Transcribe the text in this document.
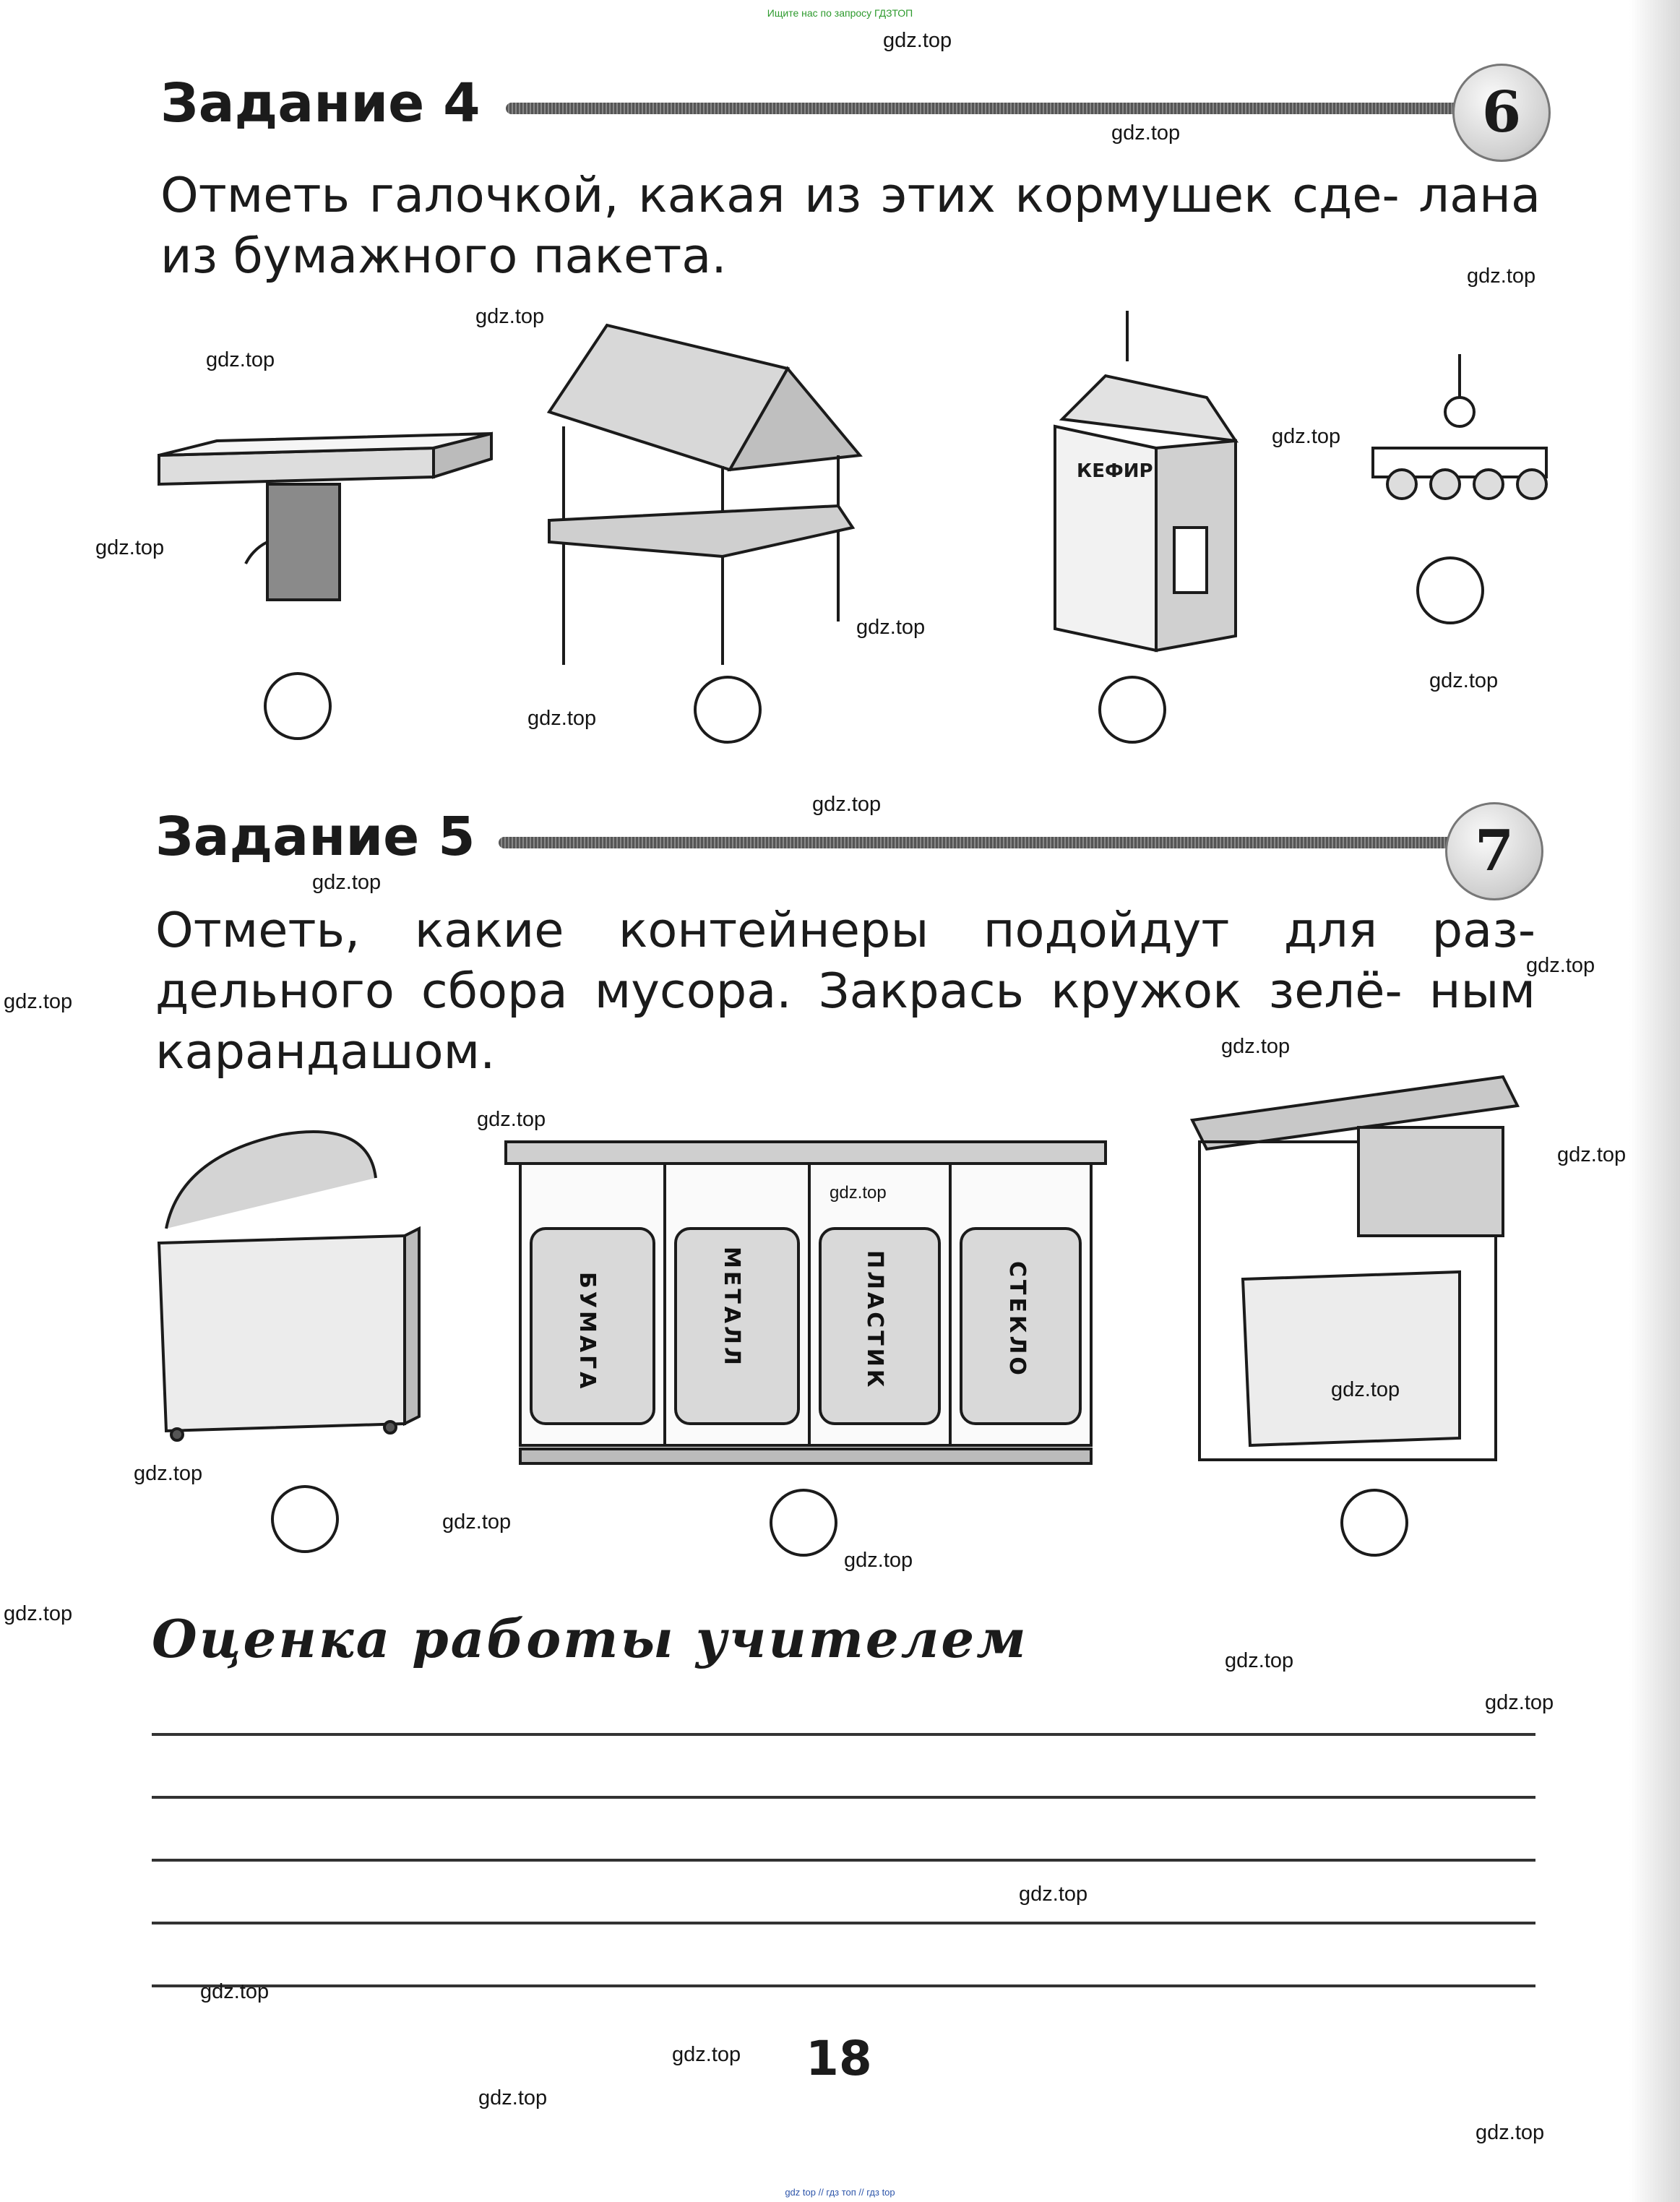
Ищите нас по запросу ГДЗТОП
Задание 4	6
Отметь галочкой, какая из этих кормушек сде- лана из бумажного пакета.
КЕФИР
Задание 5	7
Отметь, какие контейнеры подойдут для раз- дельного сбора мусора. Закрась кружок зелё- ным карандашом.
БУМАГА	МЕТАЛЛ	ПЛАСТИК	СТЕКЛО
Оценка работы учителем
18
gdz.top
gdz.top
gdz.top
gdz.top
gdz.top
gdz.top
gdz.top
gdz.top
gdz.top
gdz.top
gdz.top
gdz.top
gdz.top
gdz.top
gdz.top
gdz.top
gdz.top
gdz.top
gdz.top
gdz.top
gdz.top
gdz.top
gdz.top
gdz.top
gdz.top
gdz.top
gdz.top
gdz.top
gdz.top
gdz.top
gdz top // гдз топ // гдз top
